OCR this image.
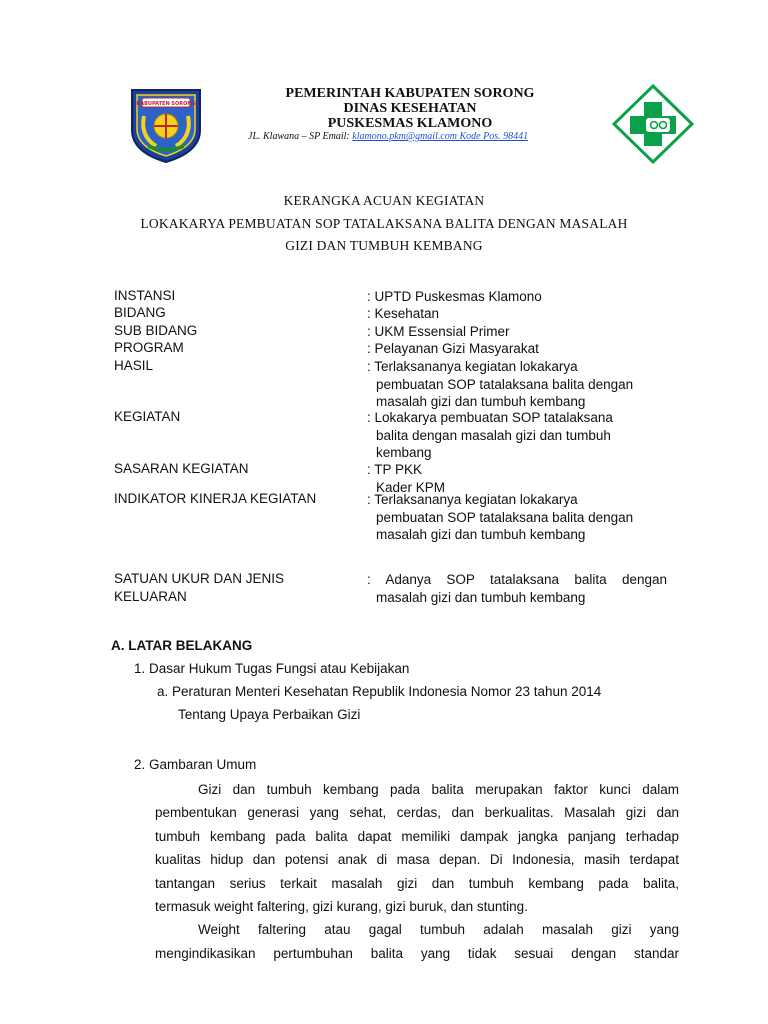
KABUPATEN SORONG
PEMERINTAH KABUPATEN SORONG
DINAS KESEHATAN
PUSKESMAS KLAMONO
JL. Klawana – SP Email: klamono.pkm@gmail.com Kode Pos. 98441
KERANGKA ACUAN KEGIATAN
LOKAKARYA PEMBUATAN SOP TATALAKSANA BALITA DENGAN MASALAH
GIZI DAN TUMBUH KEMBANG
INSTANSI	: UPTD Puskesmas Klamono
BIDANG	: Kesehatan
SUB BIDANG	: UKM Essensial Primer
PROGRAM	: Pelayanan Gizi Masyarakat
HASIL	: Terlaksananya kegiatan lokakarya
pembuatan SOP tatalaksana balita dengan
masalah gizi dan tumbuh kembang
KEGIATAN	: Lokakarya pembuatan SOP tatalaksana
balita dengan masalah gizi dan tumbuh
kembang
SASARAN KEGIATAN	: TP PKK
Kader KPM
INDIKATOR KINERJA KEGIATAN	: Terlaksananya kegiatan lokakarya
pembuatan SOP tatalaksana balita dengan
masalah gizi dan tumbuh kembang
SATUAN UKUR DAN JENIS
KELUARAN
: Adanya SOP tatalaksana balita dengan
masalah gizi dan tumbuh kembang
A. LATAR BELAKANG
1. Dasar Hukum Tugas Fungsi atau Kebijakan
a. Peraturan Menteri Kesehatan Republik Indonesia Nomor 23 tahun 2014
Tentang Upaya Perbaikan Gizi
2. Gambaran Umum
Gizi dan tumbuh kembang pada balita merupakan faktor kunci dalam
pembentukan generasi yang sehat, cerdas, dan berkualitas. Masalah gizi dan
tumbuh kembang pada balita dapat memiliki dampak jangka panjang terhadap
kualitas hidup dan potensi anak di masa depan. Di Indonesia, masih terdapat
tantangan serius terkait masalah gizi dan tumbuh kembang pada balita,
termasuk weight faltering, gizi kurang, gizi buruk, dan stunting.
Weight faltering atau gagal tumbuh adalah masalah gizi yang
mengindikasikan pertumbuhan balita yang tidak sesuai dengan standar
